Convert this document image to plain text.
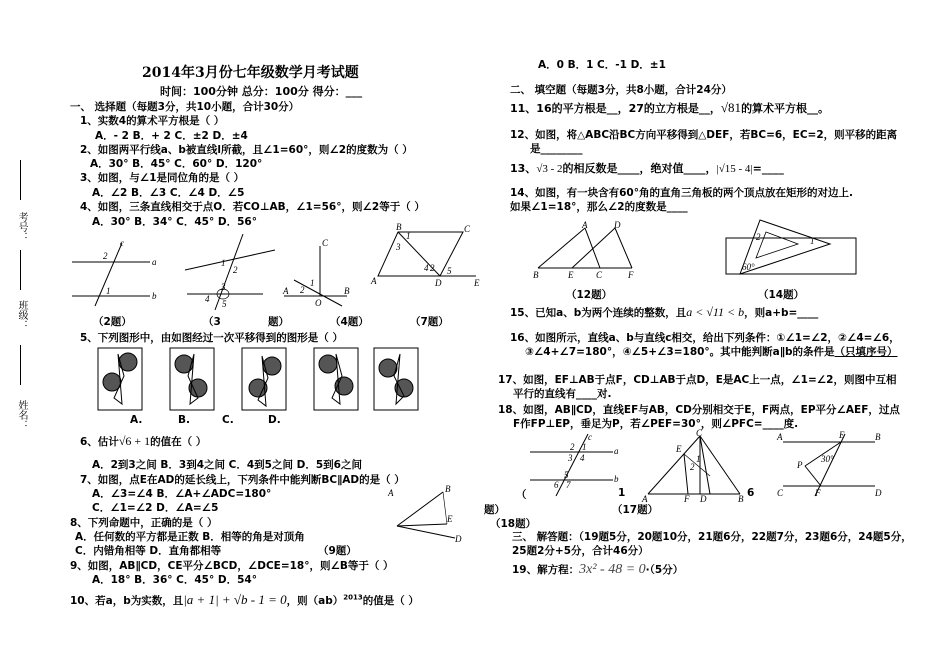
2014年3月份七年级数学月考试题
时间：100分钟 总分：100分 得分：___
考号：
班级：
姓名：
一、 选择题（每题3分，共10小题，合计30分）
1、实数4的算术平方根是（ ）
A．- 2 B．+ 2 C．±2 D．±4
2、如图两平行线a、b被直线l所截，且∠1=60°，则∠2的度数为（ ）
A．30° B．45° C．60° D．120°
3、如图，与∠1是同位角的是（ ）
A．∠2 B．∠3 C．∠4 D．∠5
4、如图，三条直线相交于点O．若CO⊥AB，∠1=56°，则∠2等于（ ）
A．30° B．34° C．45° D．56°
c
a
b
2
1
1
2
3
4 5
C
A	B
O
1
2
B	C
A	D	E
1
2
3
4 5
（2题）	（3	题）	（4题）	（7题）
5、下列图形中，由如图经过一次平移得到的图形是（ ）
A.	B.	C.	D.
6、估计√6 + 1的值在（ ）
A．2到3之间 B．3到4之间 C．4到5之间 D．5到6之间
7、如图，点E在AD的延长线上，下列条件中能判断BC∥AD的是（ ）
A．∠3=∠4 B．∠A+∠ADC=180°
C．∠1=∠2 D．∠A=∠5
8、下列命题中，正确的是（ ）
A．任何数的平方都是正数 B．相等的角是对顶角
C．内错角相等 D．直角都相等
A
E
B
D
（9题）
9、如图，AB∥CD，CE平分∠BCD，∠DCE=18°，则∠B等于（ ）
A．18° B．36° C．45° D．54°
10、若a，b为实数，且|a + 1| + √b - 1 = 0，则（ab）$^{2013}$的值是（ ）
A．0 B．1 C．-1 D．±1
二、 填空题（每题3分，共8小题，合计24分）
11、16的平方根是__，27的立方根是__，√81的算术平方根__。
12、如图，将△ABC沿BC方向平移得到△DEF，若BC=6，EC=2，则平移的距离
是________
13、√3 - 2的相反数是____，绝对值____，|√15 - 4|=____
14、如图，有一块含有60°角的直角三角板的两个顶点放在矩形的对边上.
如果∠1=18°，那么∠2的度数是____
A	D
B	E	C	F
1
2
60°
（12题）	（14题）
15、已知a、b为两个连续的整数，且a < √11 < b，则a+b=____
16、如图所示，直线a、b与直线c相交，给出下列条件：①∠1=∠2，②∠4=∠6，
③∠4+∠7=180°，④∠5+∠3=180°。其中能判断a∥b的条件是（只填序号）
17、如图，EF⊥AB于点F，CD⊥AB于点D，E是AC上一点，∠1=∠2，则图中互相
平行的直线有____对.
18、如图，AB∥CD，直线EF与AB，CD分别相交于E，F两点，EP平分∠AEF，过点
F作FP⊥EP，垂足为P，若∠PEF=30°，则∠PFC=____度.
c
a
b
1
2
3 4
5
6 7
C
E
1
2
A	F D	B
A	E	B
P
30°
C	F	D
（	1
题）	（17题）
6
（18题）
三、 解答题：（19题5分，20题10分，21题6分，22题7分，23题6分，24题5分，25题2分+5分，合计46分）
19、解方程：3x² - 48 = 0·（5分）
